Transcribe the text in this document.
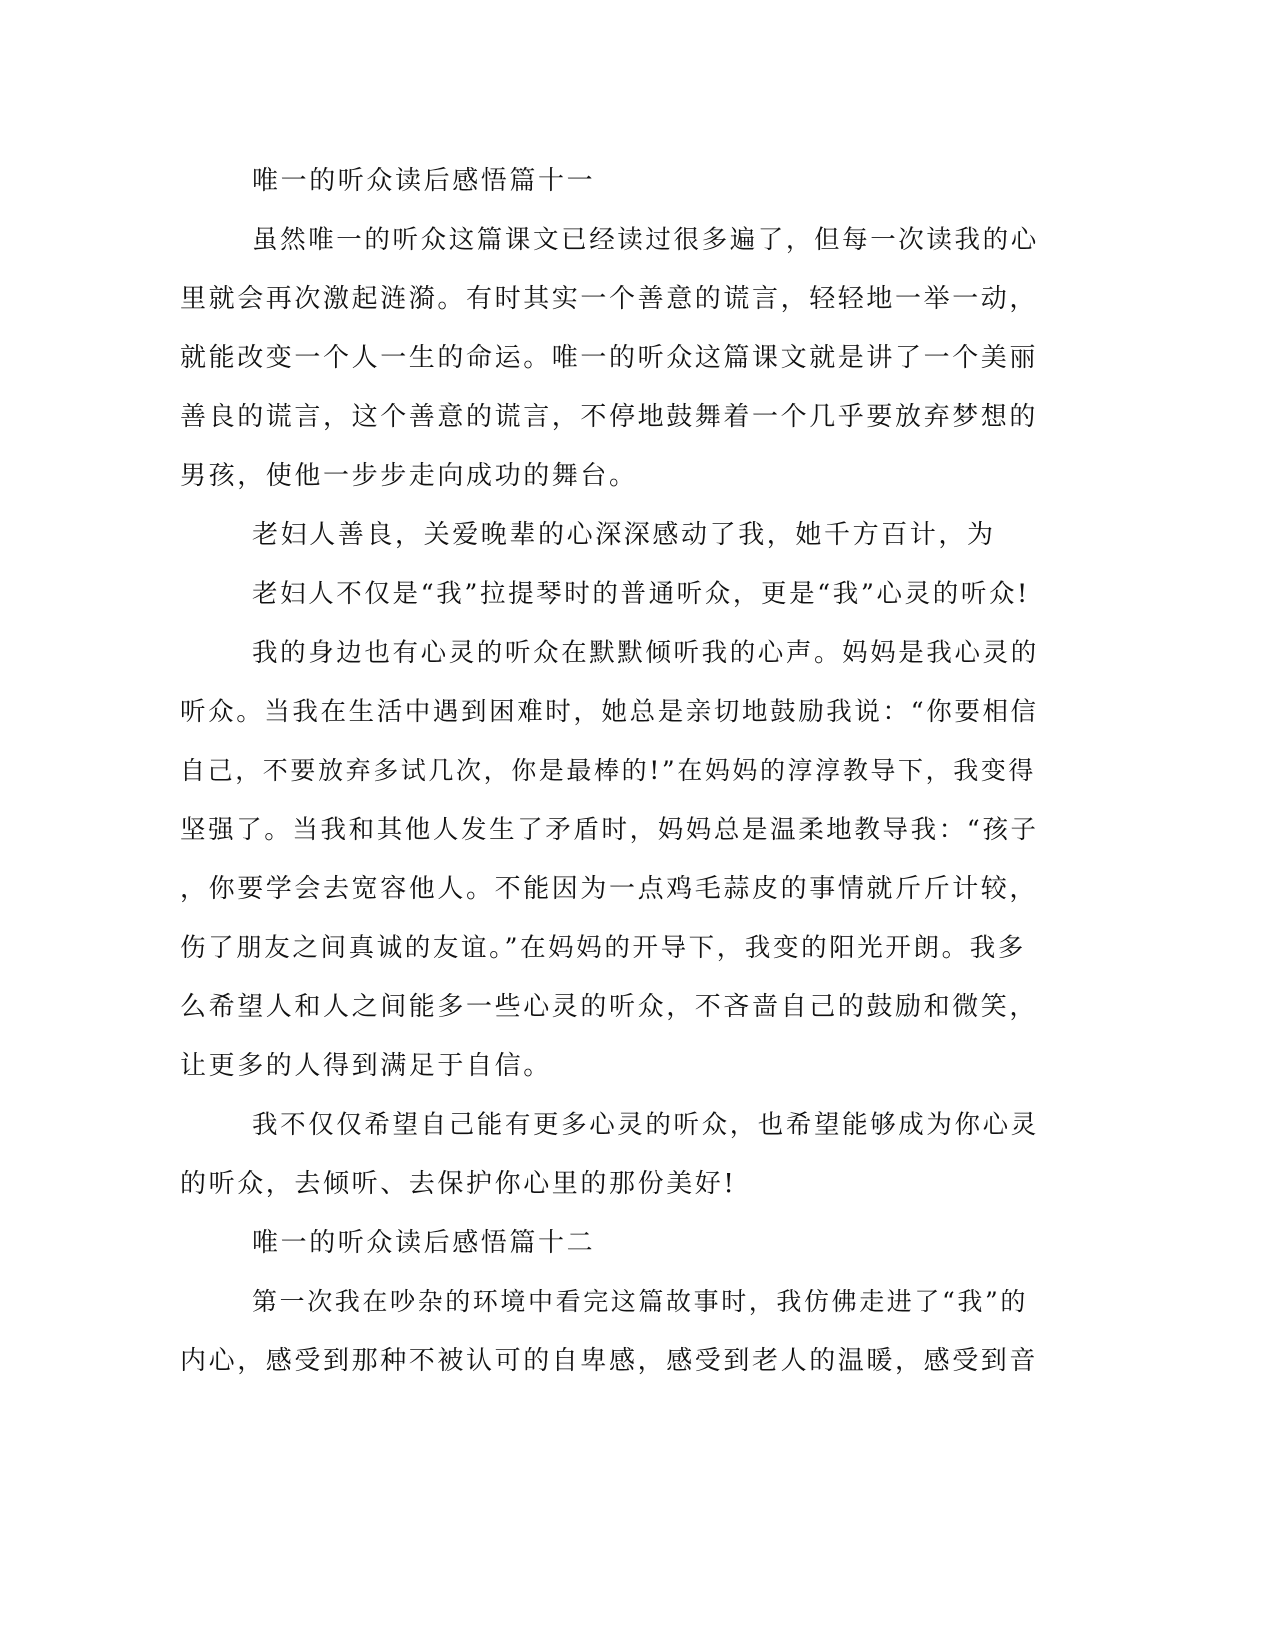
唯一的听众读后感悟篇十一
虽然唯一的听众这篇课文已经读过很多遍了，但每一次读我的心
里就会再次激起涟漪。有时其实一个善意的谎言，轻轻地一举一动，
就能改变一个人一生的命运。唯一的听众这篇课文就是讲了一个美丽
善良的谎言，这个善意的谎言，不停地鼓舞着一个几乎要放弃梦想的
男孩，使他一步步走向成功的舞台。
老妇人善良，关爱晚辈的心深深感动了我，她千方百计，为
老妇人不仅是“我”拉提琴时的普通听众，更是“我”心灵的听众!
我的身边也有心灵的听众在默默倾听我的心声。妈妈是我心灵的
听众。当我在生活中遇到困难时，她总是亲切地鼓励我说：“你要相信
自己，不要放弃多试几次，你是最棒的!”在妈妈的淳淳教导下，我变得
坚强了。当我和其他人发生了矛盾时，妈妈总是温柔地教导我：“孩子
，你要学会去宽容他人。不能因为一点鸡毛蒜皮的事情就斤斤计较，
伤了朋友之间真诚的友谊。”在妈妈的开导下，我变的阳光开朗。我多
么希望人和人之间能多一些心灵的听众，不吝啬自己的鼓励和微笑，
让更多的人得到满足于自信。
我不仅仅希望自己能有更多心灵的听众，也希望能够成为你心灵
的听众，去倾听、去保护你心里的那份美好!
唯一的听众读后感悟篇十二
第一次我在吵杂的环境中看完这篇故事时，我仿佛走进了“我”的
内心，感受到那种不被认可的自卑感，感受到老人的温暖，感受到音
